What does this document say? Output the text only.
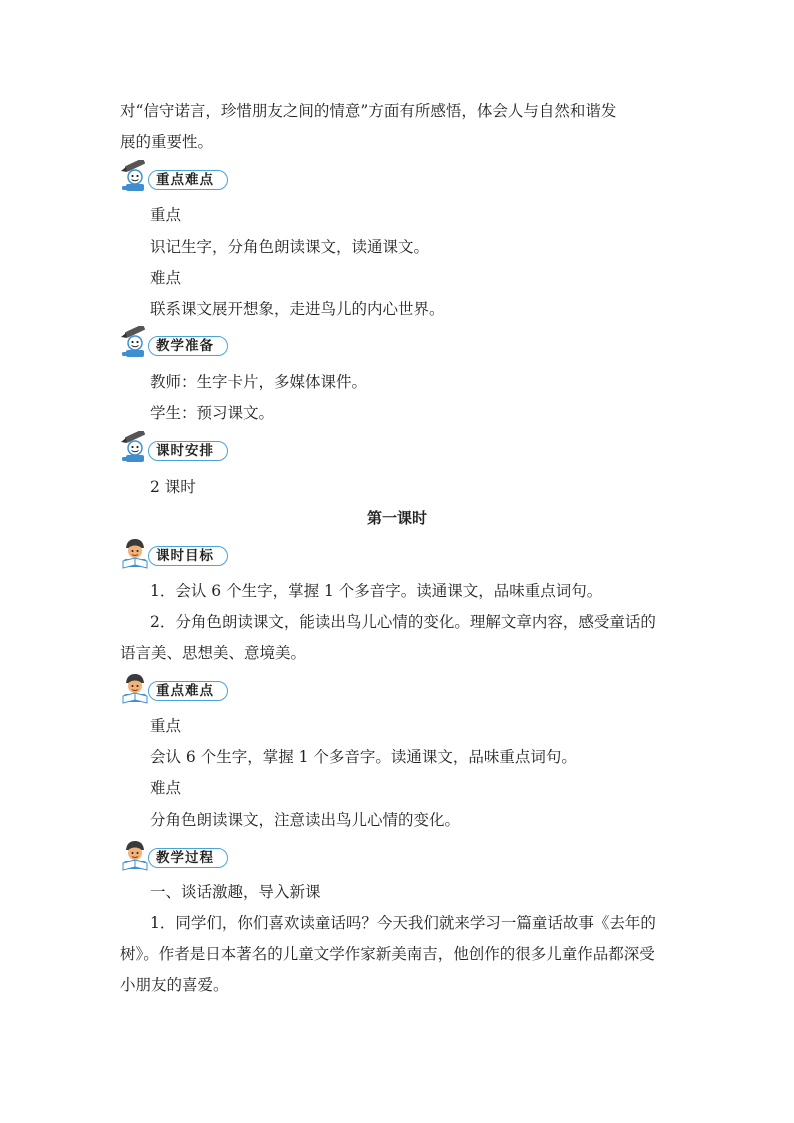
对“信守诺言，珍惜朋友之间的情意”方面有所感悟，体会人与自然和谐发
展的重要性。
重点难点
重点
识记生字，分角色朗读课文，读通课文。
难点
联系课文展开想象，走进鸟儿的内心世界。
教学准备
教师：生字卡片，多媒体课件。
学生：预习课文。
课时安排
2 课时
第一课时
课时目标
1．会认 6 个生字，掌握 1 个多音字。读通课文，品味重点词句。
2．分角色朗读课文，能读出鸟儿心情的变化。理解文章内容，感受童话的
语言美、思想美、意境美。
重点难点
重点
会认 6 个生字，掌握 1 个多音字。读通课文，品味重点词句。
难点
分角色朗读课文，注意读出鸟儿心情的变化。
教学过程
一、谈话激趣，导入新课
1．同学们，你们喜欢读童话吗？今天我们就来学习一篇童话故事《去年的
树》。作者是日本著名的儿童文学作家新美南吉，他创作的很多儿童作品都深受
小朋友的喜爱。
